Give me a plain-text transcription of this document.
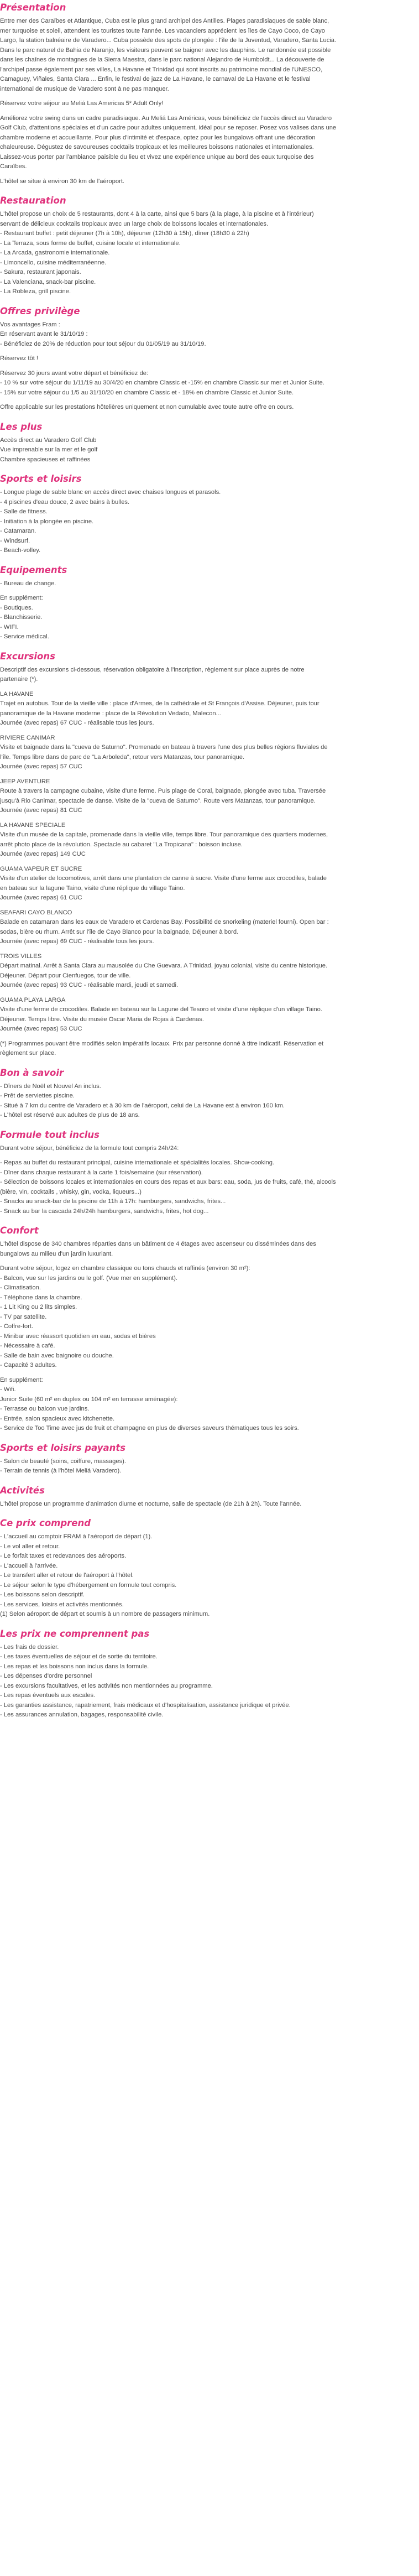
Présentation

Entre mer des Caraïbes et Atlantique, Cuba est le plus grand archipel des Antilles. Plages paradisiaques de sable blanc,
mer turquoise et soleil, attendent les touristes toute l'année. Les vacanciers apprécient les îles de Cayo Coco, de Cayo
Largo, la station balnéaire de Varadero... Cuba possède des spots de plongée : l'île de la Juventud, Varadero, Santa Lucia.
Dans le parc naturel de Bahia de Naranjo, les visiteurs peuvent se baigner avec les dauphins. Le randonnée est possible
dans les chaînes de montagnes de la Sierra Maestra, dans le parc national Alejandro de Humboldt... La découverte de
l'archipel passe également par ses villes, La Havane et Trinidad qui sont inscrits au patrimoine mondial de l'UNESCO,
Camaguey, Viñales, Santa Clara ... Enfin, le festival de jazz de La Havane, le carnaval de La Havane et le festival
international de musique de Varadero sont à ne pas manquer.

Réservez votre séjour au Meliá Las Americas 5* Adult Only!

Améliorez votre swing dans un cadre paradisiaque. Au Meliá Las Américas, vous bénéficiez de l'accès direct au Varadero
Golf Club, d'attentions spéciales et d'un cadre pour adultes uniquement, idéal pour se reposer. Posez vos valises dans une
chambre moderne et accueillante. Pour plus d'intimité et d'espace, optez pour les bungalows offrant une décoration
chaleureuse. Dégustez de savoureuses cocktails tropicaux et les meilleures boissons nationales et internationales.
Laissez-vous porter par l'ambiance paisible du lieu et vivez une expérience unique au bord des eaux turquoise des
Caraïbes.

L'hôtel se situe à environ 30 km de l'aéroport.

Restauration

L'hôtel propose un choix de 5 restaurants, dont 4 à la carte, ainsi que 5 bars (à la plage, à la piscine et à l'intérieur)
servant de délicieux cocktails tropicaux avec un large choix de boissons locales et internationales.
- Restaurant buffet : petit déjeuner (7h à 10h), déjeuner (12h30 à 15h), dîner (18h30 à 22h)
- La Terraza, sous forme de buffet, cuisine locale et internationale.
- La Arcada, gastronomie internationale.
- Limoncello, cuisine méditerranéenne.
- Sakura, restaurant japonais.
- La Valenciana, snack-bar piscine.
- La Robleza, grill piscine.

Offres privilège

Vos avantages Fram :
En réservant avant le 31/10/19 :
- Bénéficiez de 20% de réduction pour tout séjour du 01/05/19 au 31/10/19.

Réservez tôt !

Réservez 30 jours avant votre départ et bénéficiez de:
- 10 % sur votre séjour du 1/11/19 au 30/4/20 en chambre Classic et -15% en chambre Classic sur mer et Junior Suite.
- 15% sur votre séjour du 1/5 au 31/10/20 en chambre Classic et - 18% en chambre Classic et Junior Suite.

Offre applicable sur les prestations hôtelières uniquement et non cumulable avec toute autre offre en cours.

Les plus

Accès direct au Varadero Golf Club
Vue imprenable sur la mer et le golf
Chambre spacieuses et raffinées

Sports et loisirs

- Longue plage de sable blanc en accès direct avec chaises longues et parasols.
- 4 piscines d'eau douce, 2 avec bains à bulles.
- Salle de fitness.
- Initiation à la plongée en piscine.
- Catamaran.
- Windsurf.
- Beach-volley.

Equipements

- Bureau de change.

En supplément:
- Boutiques.
- Blanchisserie.
- WIFI.
- Service médical.

Excursions

Descriptif des excursions ci-dessous, réservation obligatoire à l'inscription, règlement sur place auprès de notre
partenaire (*).

LA HAVANE
Trajet en autobus. Tour de la vieille ville : place d'Armes, de la cathédrale et St François d'Assise. Déjeuner, puis tour
panoramique de la Havane moderne : place de la Révolution Vedado, Malecon...
Journée (avec repas) 67 CUC - réalisable tous les jours.

RIVIERE CANIMAR
Visite et baignade dans la "cueva de Saturno". Promenade en bateau à travers l'une des plus belles régions fluviales de
l'île. Temps libre dans de parc de "La Arboleda", retour vers Matanzas, tour panoramique.
Journée (avec repas) 57 CUC

JEEP AVENTURE
Route à travers la campagne cubaine, visite d'une ferme. Puis plage de Coral, baignade, plongée avec tuba. Traversée
jusqu'à Rio Canimar, spectacle de danse. Visite de la "cueva de Saturno". Route vers Matanzas, tour panoramique.
Journée (avec repas) 81 CUC

LA HAVANE SPECIALE
Visite d'un musée de la capitale, promenade dans la vieille ville, temps libre. Tour panoramique des quartiers modernes,
arrêt photo place de la révolution. Spectacle au cabaret "La Tropicana" : boisson incluse.
Journée (avec repas) 149 CUC

GUAMA VAPEUR ET SUCRE
Visite d'un atelier de locomotives, arrêt dans une plantation de canne à sucre. Visite d'une ferme aux crocodiles, balade
en bateau sur la lagune Taino, visite d'une réplique du village Taino.
Journée (avec repas) 61 CUC

SEAFARI CAYO BLANCO
Balade en catamaran dans les eaux de Varadero et Cardenas Bay. Possibilité de snorkeling (materiel fourni). Open bar :
sodas, bière ou rhum. Arrêt sur l'île de Cayo Blanco pour la baignade, Déjeuner à bord.
Journée (avec repas) 69 CUC - réalisable tous les jours.

TROIS VILLES
Départ matinal. Arrêt à Santa Clara au mausolée du Che Guevara. A Trinidad, joyau colonial, visite du centre historique.
Déjeuner. Départ pour Cienfuegos, tour de ville.
Journée (avec repas) 93 CUC - réalisable mardi, jeudi et samedi.

GUAMA PLAYA LARGA
Visite d'une ferme de crocodiles. Balade en bateau sur la Lagune del Tesoro et visite d'une réplique d'un village Taino.
Déjeuner. Temps libre. Visite du musée Oscar Maria de Rojas à Cardenas.
Journée (avec repas) 53 CUC

(*) Programmes pouvant être modifiés selon impératifs locaux. Prix par personne donné à titre indicatif. Réservation et
règlement sur place.

Bon à savoir

- Dîners de Noël et Nouvel An inclus.
- Prêt de serviettes piscine.
- Situé à 7 km du centre de Varadero et à 30 km de l'aéroport, celui de La Havane est à environ 160 km.
- L'hôtel est réservé aux adultes de plus de 18 ans.

Formule tout inclus

Durant votre séjour, bénéficiez de la formule tout compris 24h/24:

- Repas au buffet du restaurant principal, cuisine internationale et spécialités locales. Show-cooking.
- Dîner dans chaque restaurant à la carte 1 fois/semaine (sur réservation).
- Sélection de boissons locales et internationales en cours des repas et aux bars: eau, soda, jus de fruits, café, thé, alcools
(bière, vin, cocktails , whisky, gin, vodka, liqueurs...)
- Snacks au snack-bar de la piscine de 11h à 17h: hamburgers, sandwichs, frites...
- Snack au bar la cascada 24h/24h hamburgers, sandwichs, frites, hot dog...

Confort

L'hôtel dispose de 340 chambres réparties dans un bâtiment de 4 étages avec ascenseur ou disséminées dans des
bungalows au milieu d'un jardin luxuriant.

Durant votre séjour, logez en chambre classique ou tons chauds et raffinés (environ 30 m²):
- Balcon, vue sur les jardins ou le golf. (Vue mer en supplément).
- Climatisation.
- Téléphone dans la chambre.
- 1 Lit King ou 2 lits simples.
- TV par satellite.
- Coffre-fort.
- Minibar avec réassort quotidien en eau, sodas et bières
- Nécessaire à café.
- Salle de bain avec baignoire ou douche.
- Capacité 3 adultes.

En supplément:
- Wifi.
Junior Suite (60 m² en duplex ou 104 m² en terrasse aménagée):
- Terrasse ou balcon vue jardins.
- Entrée, salon spacieux avec kitchenette.
- Service de Too Time avec jus de fruit et champagne en plus de diverses saveurs thématiques tous les soirs.

Sports et loisirs payants

- Salon de beauté (soins, coiffure, massages).
- Terrain de tennis (à l'hôtel Meliá Varadero).

Activités

L'hôtel propose un programme d'animation diurne et nocturne, salle de spectacle (de 21h à 2h). Toute l'année.

Ce prix comprend

- L'accueil au comptoir FRAM à l'aéroport de départ (1).
- Le vol aller et retour.
- Le forfait taxes et redevances des aéroports.
- L'accueil à l'arrivée.
- Le transfert aller et retour de l'aéroport à l'hôtel.
- Le séjour selon le type d'hébergement en formule tout compris.
- Les boissons selon descriptif.
- Les services, loisirs et activités mentionnés.
(1) Selon aéroport de départ et soumis à un nombre de passagers minimum.

Les prix ne comprennent pas

- Les frais de dossier.
- Les taxes éventuelles de séjour et de sortie du territoire.
- Les repas et les boissons non inclus dans la formule.
- Les dépenses d'ordre personnel
- Les excursions facultatives, et les activités non mentionnées au programme.
- Les repas éventuels aux escales.
- Les garanties assistance, rapatriement, frais médicaux et d'hospitalisation, assistance juridique et privée.
- Les assurances annulation, bagages, responsabilité civile.
